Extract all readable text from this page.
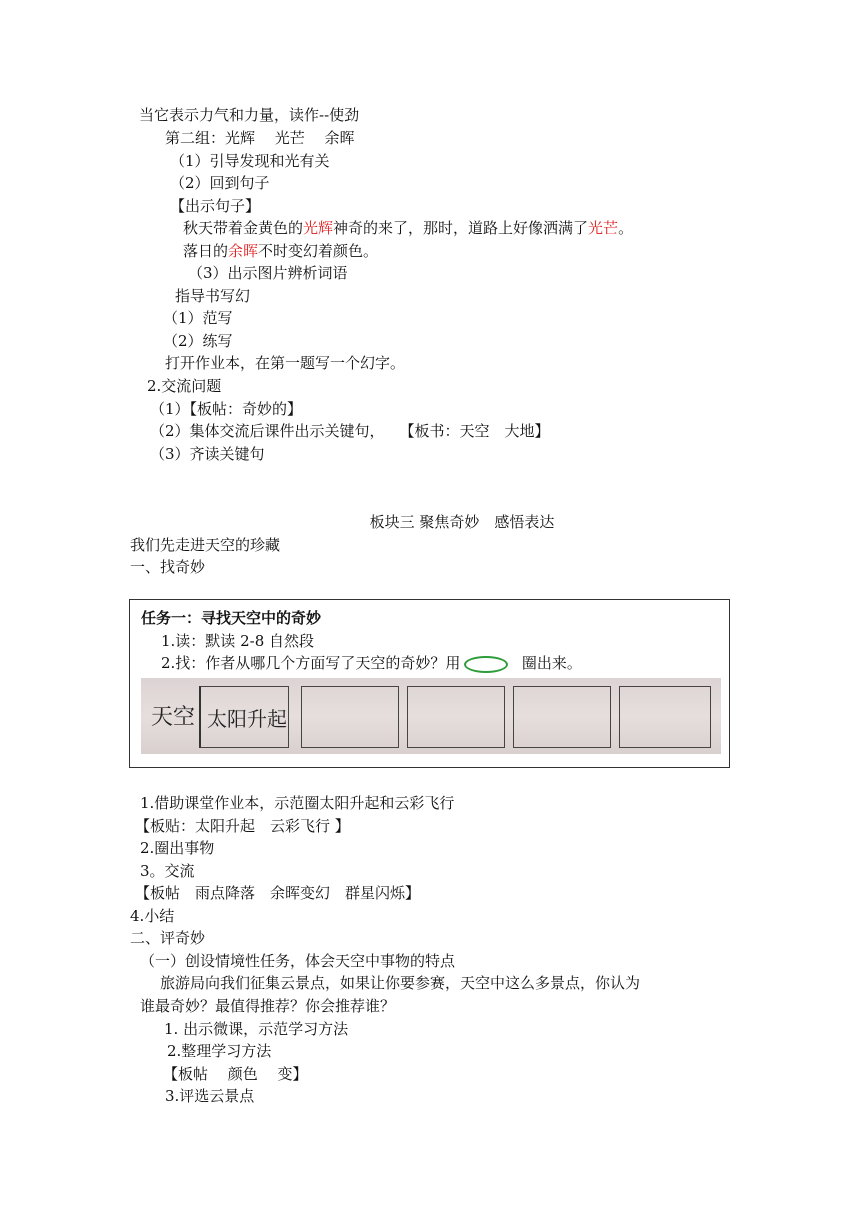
当它表示力气和力量，读作--使劲
第二组：光辉　 光芒　 余晖
（1）引导发现和光有关
（2）回到句子
【出示句子】
秋天带着金黄色的光辉神奇的来了，那时，道路上好像洒满了光芒。
落日的余晖不时变幻着颜色。
（3）出示图片辨析词语
指导书写幻
（1）范写
（2）练写
打开作业本，在第一题写一个幻字。
2.交流问题
（1）【板帖：奇妙的】
（2）集体交流后课件出示关键句，　　【板书：天空　大地】
（3）齐读关键句
板块三 聚焦奇妙　感悟表达
我们先走进天空的珍藏
一、找奇妙
任务一：寻找天空中的奇妙
1.读：默读 2-8 自然段
2.找：作者从哪几个方面写了天空的奇妙？用	圈出来。
天空 太阳升起
1.借助课堂作业本，示范圈太阳升起和云彩飞行
【板贴：太阳升起　云彩飞行 】
2.圈出事物
3。交流
【板帖　雨点降落　余晖变幻　群星闪烁】
4.小结
二、评奇妙
（一）创设情境性任务，体会天空中事物的特点
旅游局向我们征集云景点，如果让你要参赛，天空中这么多景点，你认为
谁最奇妙？最值得推荐？你会推荐谁？
1. 出示微课，示范学习方法
2.整理学习方法
【板帖　 颜色　 变】
3.评选云景点
